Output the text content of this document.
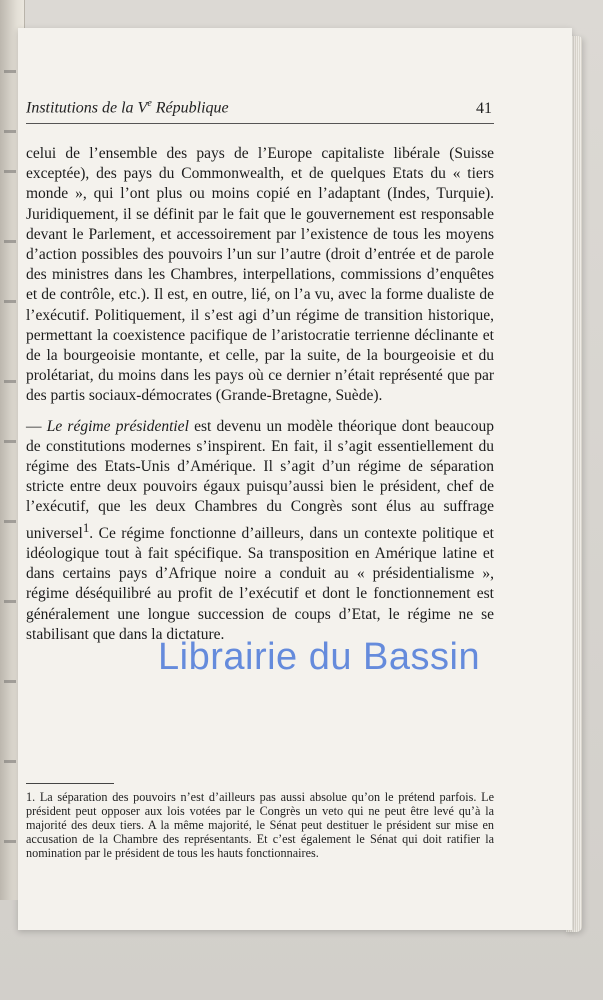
Institutions de la Ve République	41

celui de l’ensemble des pays de l’Europe capitaliste libérale (Suisse exceptée), des pays du Commonwealth, et de quelques Etats du « tiers monde », qui l’ont plus ou moins copié en l’adaptant (Indes, Turquie). Juridiquement, il se définit par le fait que le gouvernement est responsable devant le Parlement, et accessoirement par l’existence de tous les moyens d’action possibles des pouvoirs l’un sur l’autre (droit d’entrée et de parole des ministres dans les Chambres, interpellations, commissions d’enquêtes et de contrôle, etc.). Il est, en outre, lié, on l’a vu, avec la forme dualiste de l’exécutif. Politiquement, il s’est agi d’un régime de transition historique, permettant la coexistence pacifique de l’aristocratie terrienne déclinante et de la bourgeoisie montante, et celle, par la suite, de la bourgeoisie et du prolétariat, du moins dans les pays où ce dernier n’était représenté que par des partis sociaux-démocrates (Grande-Bretagne, Suède).

— Le régime présidentiel est devenu un modèle théorique dont beaucoup de constitutions modernes s’inspirent. En fait, il s’agit essentiellement du régime des Etats-Unis d’Amérique. Il s’agit d’un régime de séparation stricte entre deux pouvoirs égaux puisqu’aussi bien le président, chef de l’exécutif, que les deux Chambres du Congrès sont élus au suffrage universel$^1$. Ce régime fonctionne d’ailleurs, dans un contexte politique et idéologique tout à fait spécifique. Sa transposition en Amérique latine et dans certains pays d’Afrique noire a conduit au « présidentialisme », régime déséquilibré au profit de l’exécutif et dont le fonctionnement est généralement une longue succession de coups d’Etat, le régime ne se stabilisant que dans la dictature.

1. La séparation des pouvoirs n’est d’ailleurs pas aussi absolue qu’on le prétend parfois. Le président peut opposer aux lois votées par le Congrès un veto qui ne peut être levé qu’à la majorité des deux tiers. A la même majorité, le Sénat peut destituer le président sur mise en accusation de la Chambre des représentants. Et c’est également le Sénat qui doit ratifier la nomination par le président de tous les hauts fonctionnaires.
Librairie du Bassin
